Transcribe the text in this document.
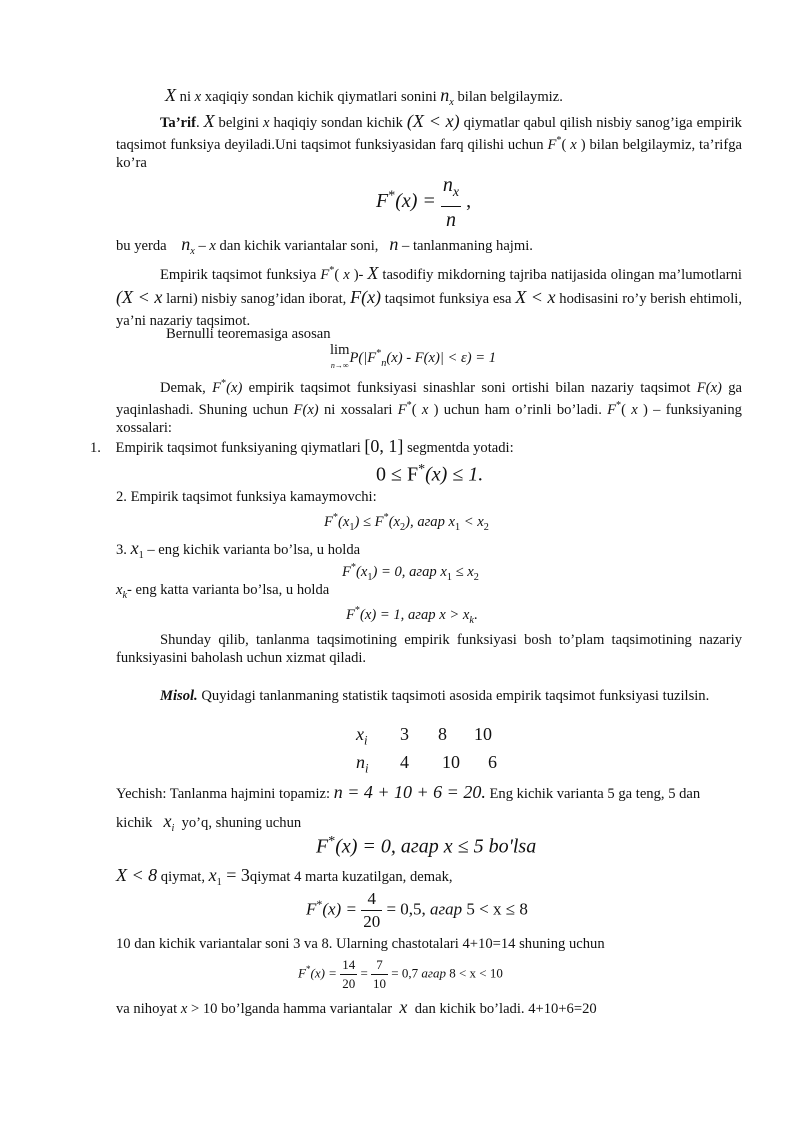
X ni x xaqiqiy sondan kichik qiymatlari sonini $n_x$ bilan belgilaymiz.
Ta’rif. X belgini x haqiqiy sondan kichik (X < x) qiymatlar qabul qilish nisbiy sanog’iga empirik taqsimot funksiya deyiladi.Uni taqsimot funksiyasidan farq qilishi uchun F*( x ) bilan belgilaymiz, ta’rifga ko’ra
$F^*(x) = \frac{n_x}{n}$ ,
bu yerda    $n_x$ – x dan kichik variantalar soni,   n – tanlanmaning hajmi.
Empirik taqsimot funksiya F*( x )- X tasodifiy mikdorning tajriba natijasida olingan ma’lumotlarni (X < x larni) nisbiy sanog’idan iborat, F(x) taqsimot funksiya esa X < x hodisasini ro’y berish ehtimoli, ya’ni nazariy taqsimot.
Bernulli teoremasiga asosan
lim
$n\to\infty P(|F^*_n(x) - F(x)| < \varepsilon) = 1$
Demak, F*(x) empirik taqsimot funksiyasi sinashlar soni ortishi bilan nazariy taqsimot F(x) ga yaqinlashadi. Shuning uchun F(x) ni xossalari F*( x ) uchun ham o’rinli bo’ladi. F*( x ) – funksiyaning xossalari:
1. Empirik taqsimot funksiyaning qiymatlari [0, 1] segmentda yotadi:
0 ≤ F*(x) ≤ 1.
2. Empirik taqsimot funksiya kamaymovchi:
$F^*(x_1) \le F^*(x_2)$, агар $x_1 < x_2$
3. $x_1$ – eng kichik varianta bo’lsa, u holda
$F^*(x_1) = 0$, агар $x_1 \le x_2$
$x_k-$ eng katta varianta bo’lsa, u holda
F*(x) = 1, агар $x > x_k$.
Shunday qilib, tanlanma taqsimotining empirik funksiyasi bosh to’plam taqsimotining nazariy funksiyasini baholash uchun xizmat qiladi.
Misol. Quyidagi tanlanmaning statistik taqsimoti asosida empirik taqsimot funksiyasi tuzilsin.
$x_i$ 3 8 10
$n_i$ 4 10 6
Yechish: Tanlanma hajmini topamiz: n = 4 + 10 + 6 = 20. Eng kichik varianta 5 ga teng, 5 dan
kichik   $x_i$  yo’q, shuning uchun
F*(x) = 0, агар x ≤ 5 bo'lsa
X < 8 qiymat, $x_1$ = 3qiymat 4 marta kuzatilgan, demak,
$F^*(x) = \frac{4}{20} = 0,5$, агар 5 < x ≤ 8
10 dan kichik variantalar soni 3 va 8. Ularning chastotalari 4+10=14 shuning uchun
$F^*(x) = \frac{14}{20} = \frac{7}{10} = 0,7$ агар 8 < x < 10
va nihoyat x > 10 bo’lganda hamma variantalar  x  dan kichik bo’ladi. 4+10+6=20
